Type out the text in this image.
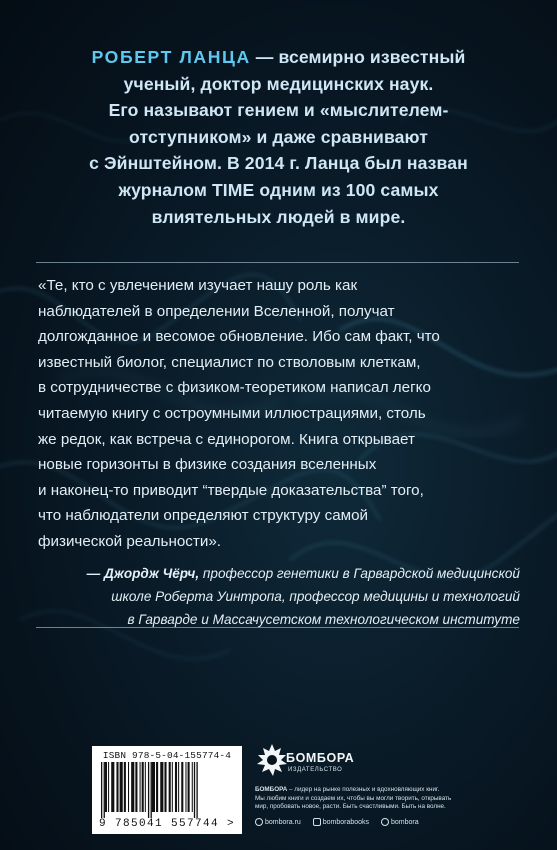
РОБЕРТ ЛАНЦА — всемирно известный
ученый, доктор медицинских наук.
Его называют гением и «мыслителем-
отступником» и даже сравнивают
с Эйнштейном. В 2014 г. Ланца был назван
журналом TIME одним из 100 самых
влиятельных людей в мире.

«Те, кто с увлечением изучает нашу роль как

наблюдателей в определении Вселенной, получат

долгожданное и весомое обновление. Ибо сам факт, что

известный биолог, специалист по стволовым клеткам,

в сотрудничестве с физиком-теоретиком написал легко

читаемую книгу с остроумными иллюстрациями, столь

же редок, как встреча с единорогом. Книга открывает

новые горизонты в физике создания вселенных

и наконец-то приводит “твердые доказательства” того,

что наблюдатели определяют структуру самой

физической реальности».

— Джордж Чёрч, профессор генетики в Гарвардской медицинской
школе Роберта Уинтропа, профессор медицины и технологий
в Гарварде и Массачусетском технологическом институте
ISBN 978-5-04-155774-4
9 785041 557744 >
БОМБОРА
ИЗДАТЕЛЬСТВО
БОМБОРА – лидер на рынке полезных и вдохновляющих книг.
Мы любим книги и создаем их, чтобы вы могли творить, открывать
мир, пробовать новое, расти. Быть счастливыми. Быть на волне.
bombora.ru	bomborabooks	bombora
